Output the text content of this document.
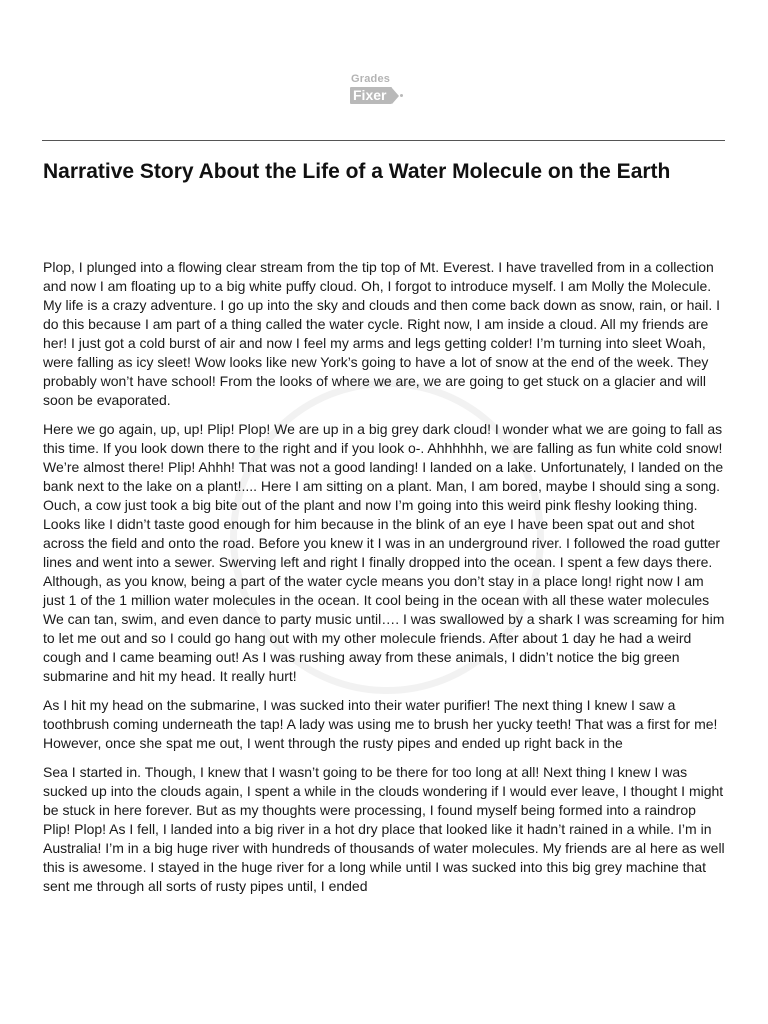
Grades
Fixer
Narrative Story About the Life of a Water Molecule on the Earth

Plop, I plunged into a flowing clear stream from the tip top of Mt. Everest. I have travelled from in a collection and now I am floating up to a big white puffy cloud. Oh, I forgot to introduce myself. I am Molly the Molecule. My life is a crazy adventure. I go up into the sky and clouds and then come back down as snow, rain, or hail. I do this because I am part of a thing called the water cycle. Right now, I am inside a cloud. All my friends are her! I just got a cold burst of air and now I feel my arms and legs getting colder! I’m turning into sleet Woah, were falling as icy sleet! Wow looks like new York’s going to have a lot of snow at the end of the week. They probably won’t have school! From the looks of where we are, we are going to get stuck on a glacier and will soon be evaporated.

Here we go again, up, up! Plip! Plop! We are up in a big grey dark cloud! I wonder what we are going to fall as this time. If you look down there to the right and if you look o-. Ahhhhhh, we are falling as fun white cold snow! We’re almost there! Plip! Ahhh! That was not a good landing! I landed on a lake. Unfortunately, I landed on the bank next to the lake on a plant!.... Here I am sitting on a plant. Man, I am bored, maybe I should sing a song. Ouch, a cow just took a big bite out of the plant and now I’m going into this weird pink fleshy looking thing. Looks like I didn’t taste good enough for him because in the blink of an eye I have been spat out and shot across the field and onto the road. Before you knew it I was in an underground river. I followed the road gutter lines and went into a sewer. Swerving left and right I finally dropped into the ocean. I spent a few days there. Although, as you know, being a part of the water cycle means you don’t stay in a place long! right now I am just 1 of the 1 million water molecules in the ocean. It cool being in the ocean with all these water molecules We can tan, swim, and even dance to party music until…. I was swallowed by a shark I was screaming for him to let me out and so I could go hang out with my other molecule friends. After about 1 day he had a weird cough and I came beaming out! As I was rushing away from these animals, I didn’t notice the big green submarine and hit my head. It really hurt!

As I hit my head on the submarine, I was sucked into their water purifier! The next thing I knew I saw a toothbrush coming underneath the tap! A lady was using me to brush her yucky teeth! That was a first for me! However, once she spat me out, I went through the rusty pipes and ended up right back in the

Sea I started in. Though, I knew that I wasn’t going to be there for too long at all! Next thing I knew I was sucked up into the clouds again, I spent a while in the clouds wondering if I would ever leave, I thought I might be stuck in here forever. But as my thoughts were processing, I found myself being formed into a raindrop Plip! Plop! As I fell, I landed into a big river in a hot dry place that looked like it hadn’t rained in a while. I’m in Australia! I’m in a big huge river with hundreds of thousands of water molecules. My friends are al here as well this is awesome. I stayed in the huge river for a long while until I was sucked into this big grey machine that sent me through all sorts of rusty pipes until, I ended
